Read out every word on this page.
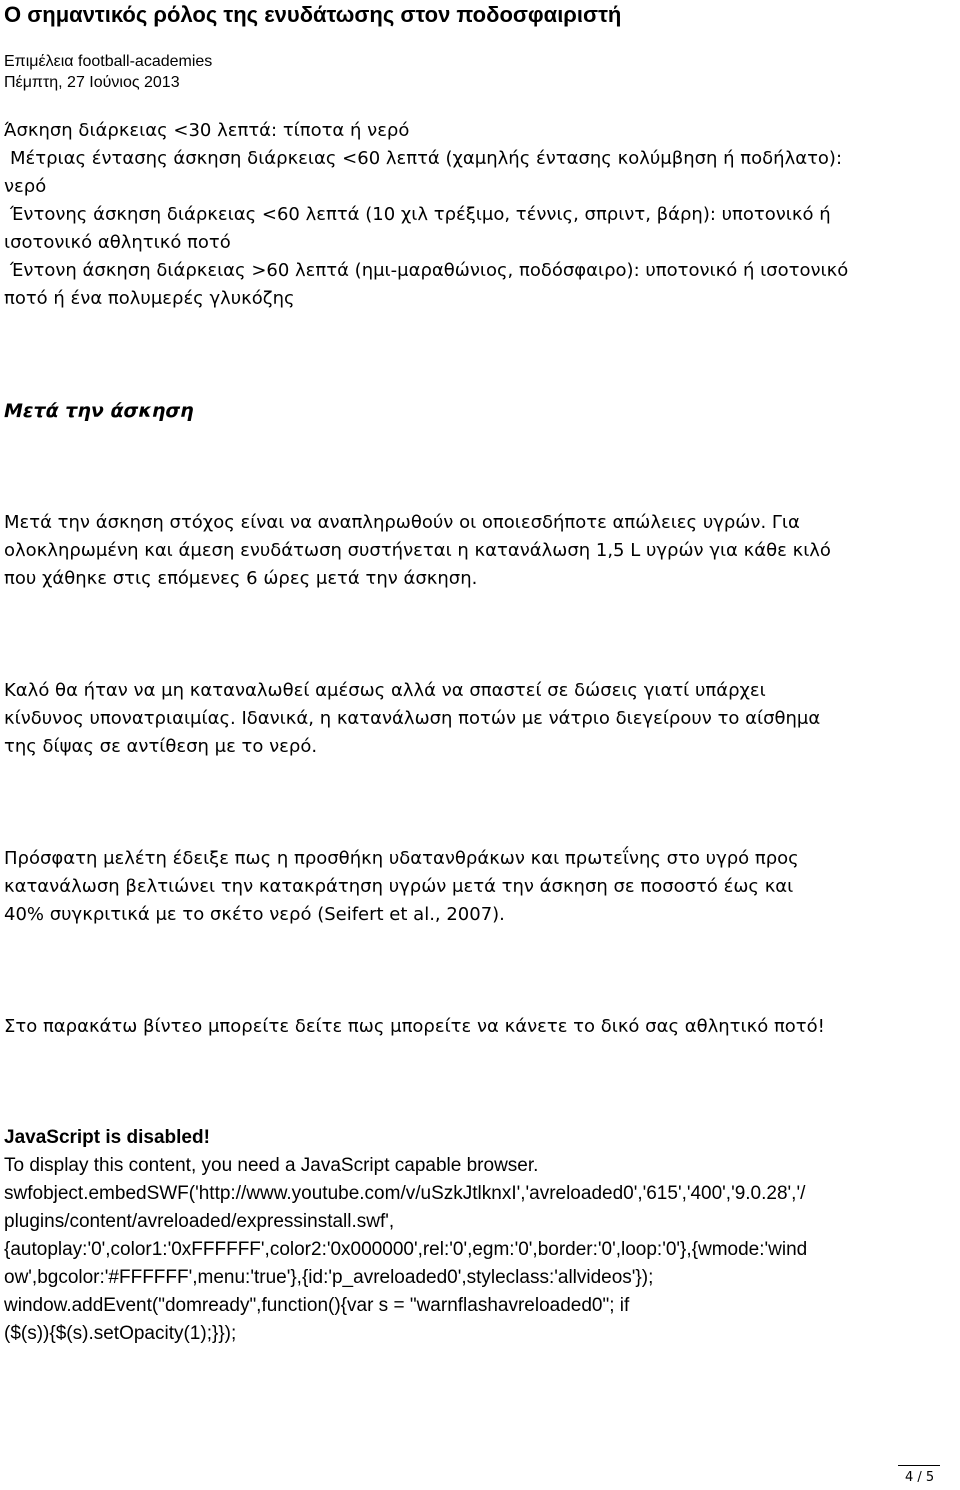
Ο σημαντικός ρόλος της ενυδάτωσης στον ποδοσφαιριστή
Επιμέλεια football-academies
Πέμπτη, 27 Ιούνιος 2013
Άσκηση διάρκειας <30 λεπτά: τίποτα ή νερό
Μέτριας έντασης άσκηση διάρκειας <60 λεπτά (χαμηλής έντασης κολύμβηση ή ποδήλατο):
νερό
Έντονης άσκηση διάρκειας <60 λεπτά (10 χιλ τρέξιμο, τέννις, σπριντ, βάρη): υποτονικό ή
ισοτονικό αθλητικό ποτό
Έντονη άσκηση διάρκειας >60 λεπτά (ημι-μαραθώνιος, ποδόσφαιρο): υποτονικό ή ισοτονικό
ποτό ή ένα πολυμερές γλυκόζης
Μετά την άσκηση
Μετά την άσκηση στόχος είναι να αναπληρωθούν οι οποιεσδήποτε απώλειες υγρών. Για
ολοκληρωμένη και άμεση ενυδάτωση συστήνεται η κατανάλωση 1,5 L υγρών για κάθε κιλό
που χάθηκε στις επόμενες 6 ώρες μετά την άσκηση.
Καλό θα ήταν να μη καταναλωθεί αμέσως αλλά να σπαστεί σε δώσεις γιατί υπάρχει
κίνδυνος υπονατριαιμίας. Ιδανικά, η κατανάλωση ποτών με νάτριο διεγείρουν το αίσθημα
της δίψας σε αντίθεση με το νερό.
Πρόσφατη μελέτη έδειξε πως η προσθήκη υδατανθράκων και πρωτεΐνης στο υγρό προς
κατανάλωση βελτιώνει την κατακράτηση υγρών μετά την άσκηση σε ποσοστό έως και
40% συγκριτικά με το σκέτο νερό (Seifert et al., 2007).
Στο παρακάτω βίντεο μπορείτε δείτε πως μπορείτε να κάνετε το δικό σας αθλητικό ποτό!
JavaScript is disabled!
To display this content, you need a JavaScript capable browser.
swfobject.embedSWF('http://www.youtube.com/v/uSzkJtlknxI','avreloaded0','615','400','9.0.28','/
plugins/content/avreloaded/expressinstall.swf',
{autoplay:'0',color1:'0xFFFFFF',color2:'0x000000',rel:'0',egm:'0',border:'0',loop:'0'},{wmode:'wind
ow',bgcolor:'#FFFFFF',menu:'true'},{id:'p_avreloaded0',styleclass:'allvideos'});
window.addEvent("domready",function(){var s = "warnflashavreloaded0"; if
($(s)){$(s).setOpacity(1);}});
4 / 5
